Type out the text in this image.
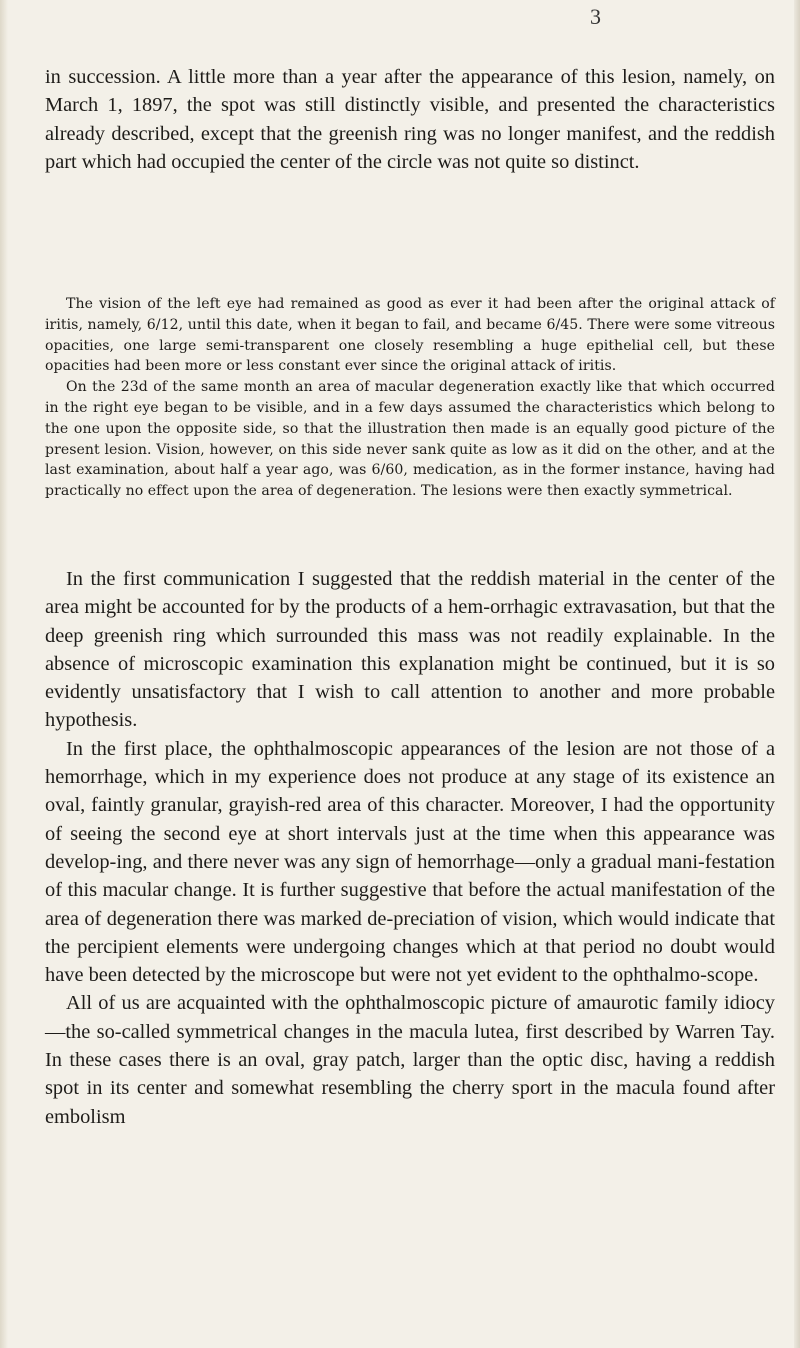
3

in succession. A little more than a year after the appearance of this lesion, namely, on March 1, 1897, the spot was still distinctly visible, and presented the characteristics already described, except that the greenish ring was no longer manifest, and the reddish part which had occupied the center of the circle was not quite so distinct.

The vision of the left eye had remained as good as ever it had been after the original attack of iritis, namely, 6/12, until this date, when it began to fail, and became 6/45. There were some vitreous opacities, one large semi-transparent one closely resembling a huge epithelial cell, but these opacities had been more or less constant ever since the original attack of iritis.

On the 23d of the same month an area of macular degeneration exactly like that which occurred in the right eye began to be visible, and in a few days assumed the characteristics which belong to the one upon the opposite side, so that the illustration then made is an equally good picture of the present lesion. Vision, however, on this side never sank quite as low as it did on the other, and at the last examination, about half a year ago, was 6/60, medication, as in the former instance, having had practically no effect upon the area of degeneration. The lesions were then exactly symmetrical.

In the first communication I suggested that the reddish material in the center of the area might be accounted for by the products of a hem-orrhagic extravasation, but that the deep greenish ring which surrounded this mass was not readily explainable. In the absence of microscopic examination this explanation might be continued, but it is so evidently unsatisfactory that I wish to call attention to another and more probable hypothesis.

In the first place, the ophthalmoscopic appearances of the lesion are not those of a hemorrhage, which in my experience does not produce at any stage of its existence an oval, faintly granular, grayish-red area of this character. Moreover, I had the opportunity of seeing the second eye at short intervals just at the time when this appearance was develop-ing, and there never was any sign of hemorrhage—only a gradual mani-festation of this macular change. It is further suggestive that before the actual manifestation of the area of degeneration there was marked de-preciation of vision, which would indicate that the percipient elements were undergoing changes which at that period no doubt would have been detected by the microscope but were not yet evident to the ophthalmo-scope.

All of us are acquainted with the ophthalmoscopic picture of amaurotic family idiocy—the so-called symmetrical changes in the macula lutea, first described by Warren Tay. In these cases there is an oval, gray patch, larger than the optic disc, having a reddish spot in its center and somewhat resembling the cherry sport in the macula found after embolism
